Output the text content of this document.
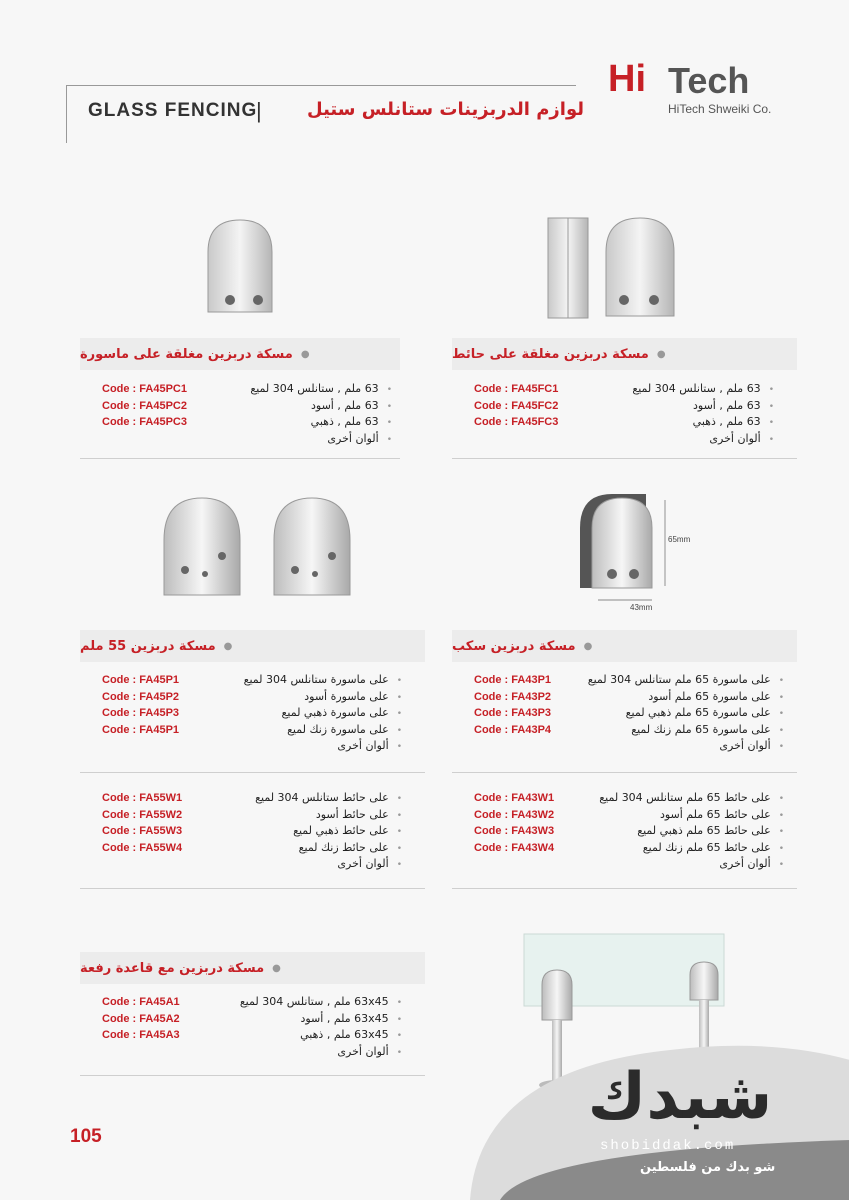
GLASS FENCING
|	لوازم الدربزينات ستانلس ستيل
Hi Tech
HiTech Shweiki Co.
65mm
43mm
●
مسكة دربزين مغلقة على حائط
Code : FA45FC1	• 63 ملم , ستانلس 304 لميع
Code : FA45FC2	• 63 ملم , أسود
Code : FA45FC3	• 63 ملم , ذهبي
• ألوان أخرى
●
مسكة دربزين مغلقة على ماسورة
Code : FA45PC1	• 63 ملم , ستانلس 304 لميع
Code : FA45PC2	• 63 ملم , أسود
Code : FA45PC3	• 63 ملم , ذهبي
• ألوان أخرى
●
مسكة دربزين سكب
Code : FA43P1	• على ماسورة 65 ملم ستانلس 304 لميع
Code : FA43P2	• على ماسورة 65 ملم أسود
Code : FA43P3	• على ماسورة 65 ملم ذهبي لميع
Code : FA43P4	• على ماسورة 65 ملم زنك لميع
• ألوان أخرى
Code : FA43W1	• على حائط 65 ملم ستانلس 304 لميع
Code : FA43W2	• على حائط 65 ملم أسود
Code : FA43W3	• على حائط 65 ملم ذهبي لميع
Code : FA43W4	• على حائط 65 ملم زنك لميع
• ألوان أخرى
●
مسكة دربزين 55 ملم
Code : FA45P1	• على ماسورة ستانلس 304 لميع
Code : FA45P2	• على ماسورة أسود
Code : FA45P3	• على ماسورة ذهبي لميع
Code : FA45P1	• على ماسورة زنك لميع
• ألوان أخرى
Code : FA55W1	• على حائط ستانلس 304 لميع
Code : FA55W2	• على حائط أسود
Code : FA55W3	• على حائط ذهبي لميع
Code : FA55W4	• على حائط زنك لميع
• ألوان أخرى
●
مسكة دربزين مع قاعدة رفعة
Code : FA45A1	• 63x45 ملم , ستانلس 304 لميع
Code : FA45A2	• 63x45 ملم , أسود
Code : FA45A3	• 63x45 ملم , ذهبي
• ألوان أخرى
105
شبدك
shobiddak.com
شو بدك من فلسطين
